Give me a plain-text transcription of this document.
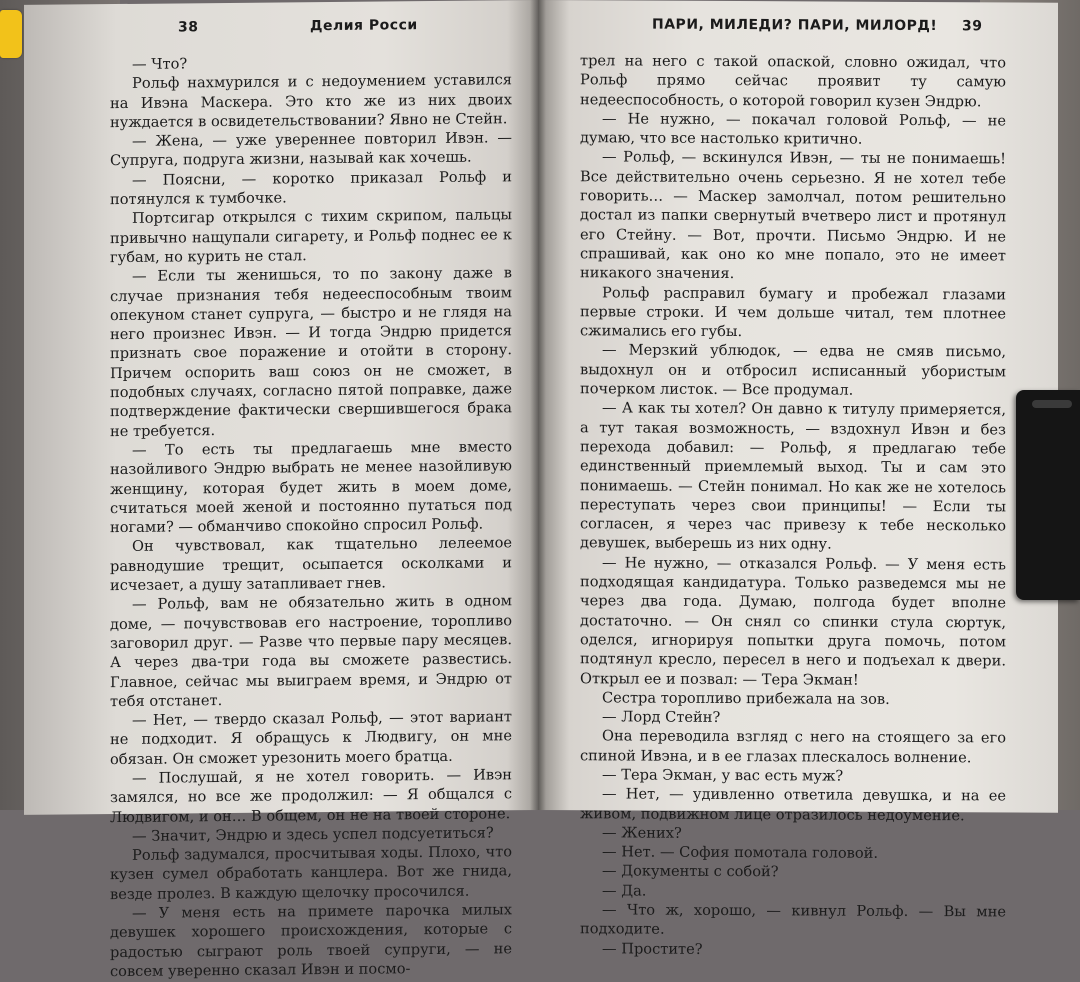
38	Делия Росси

— Что?

Рольф нахмурился и с недоумением уставился на Ивэна Маскера. Это кто же из них двоих нуждается в освидетельствовании? Явно не Стейн.

— Жена, — уже увереннее повторил Ивэн. — Супруга, подруга жизни, называй как хочешь.

— Поясни, — коротко приказал Рольф и потянулся к тумбочке.

Портсигар открылся с тихим скрипом, пальцы привычно нащупали сигарету, и Рольф поднес ее к губам, но курить не стал.

— Если ты женишься, то по закону даже в случае признания тебя недееспособным твоим опекуном станет супруга, — быстро и не глядя на него произнес Ивэн. — И тогда Эндрю придется признать свое поражение и отойти в сторону. Причем оспорить ваш союз он не сможет, в подобных случаях, согласно пятой поправке, даже подтверждение фактически свершившегося брака не требуется.

— То есть ты предлагаешь мне вместо назойливого Эндрю выбрать не менее назойливую женщину, которая будет жить в моем доме, считаться моей женой и постоянно путаться под ногами? — обманчиво спокойно спросил Рольф.

Он чувствовал, как тщательно лелеемое равнодушие трещит, осыпается осколками и исчезает, а душу затапливает гнев.

— Рольф, вам не обязательно жить в одном доме, — почувствовав его настроение, торопливо заговорил друг. — Разве что первые пару месяцев. А через два-три года вы сможете развестись. Главное, сейчас мы выиграем время, и Эндрю от тебя отстанет.

— Нет, — твердо сказал Рольф, — этот вариант не подходит. Я обращусь к Людвигу, он мне обязан. Он сможет урезонить моего братца.

— Послушай, я не хотел говорить. — Ивэн замялся, но все же продолжил: — Я общался с Людвигом, и он… В общем, он не на твоей стороне.

— Значит, Эндрю и здесь успел подсуетиться?

Рольф задумался, просчитывая ходы. Плохо, что кузен сумел обработать канцлера. Вот же гнида, везде пролез. В каждую щелочку просочился.

— У меня есть на примете парочка милых девушек хорошего происхождения, которые с радостью сыграют роль твоей супруги, — не совсем уверенно сказал Ивэн и посмо-

ПАРИ, МИЛЕДИ? ПАРИ, МИЛОРД! 39

трел на него с такой опаской, словно ожидал, что Рольф прямо сейчас проявит ту самую недееспособность, о которой говорил кузен Эндрю.

— Не нужно, — покачал головой Рольф, — не думаю, что все настолько критично.

— Рольф, — вскинулся Ивэн, — ты не понимаешь! Все действительно очень серьезно. Я не хотел тебе говорить… — Маскер замолчал, потом решительно достал из папки свернутый вчетверо лист и протянул его Стейну. — Вот, прочти. Письмо Эндрю. И не спрашивай, как оно ко мне попало, это не имеет никакого значения.

Рольф расправил бумагу и пробежал глазами первые строки. И чем дольше читал, тем плотнее сжимались его губы.

— Мерзкий ублюдок, — едва не смяв письмо, выдохнул он и отбросил исписанный убористым почерком листок. — Все продумал.

— А как ты хотел? Он давно к титулу примеряется, а тут такая возможность, — вздохнул Ивэн и без перехода добавил: — Рольф, я предлагаю тебе единственный приемлемый выход. Ты и сам это понимаешь. — Стейн понимал. Но как же не хотелось переступать через свои принципы! — Если ты согласен, я через час привезу к тебе несколько девушек, выберешь из них одну.

— Не нужно, — отказался Рольф. — У меня есть подходящая кандидатура. Только разведемся мы не через два года. Думаю, полгода будет вполне достаточно. — Он снял со спинки стула сюртук, оделся, игнорируя попытки друга помочь, потом подтянул кресло, пересел в него и подъехал к двери. Открыл ее и позвал: — Тера Экман!

Сестра торопливо прибежала на зов.

— Лорд Стейн?

Она переводила взгляд с него на стоящего за его спиной Ивэна, и в ее глазах плескалось волнение.

— Тера Экман, у вас есть муж?

— Нет, — удивленно ответила девушка, и на ее живом, подвижном лице отразилось недоумение.

— Жених?

— Нет. — София помотала головой.

— Документы с собой?

— Да.

— Что ж, хорошо, — кивнул Рольф. — Вы мне подходите.

— Простите?
